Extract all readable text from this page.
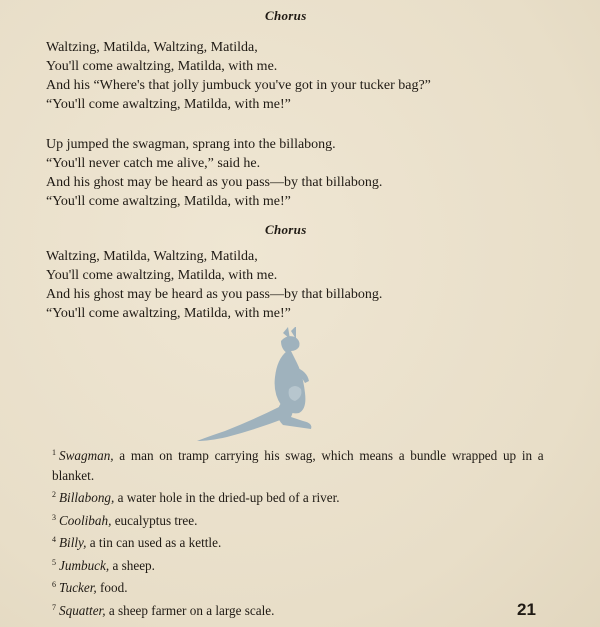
Chorus
Waltzing, Matilda, Waltzing, Matilda,
You'll come awaltzing, Matilda, with me.
And his “Where's that jolly jumbuck you've got in your tucker bag?”
“You'll come awaltzing, Matilda, with me!”
Up jumped the swagman, sprang into the billabong.
“You'll never catch me alive,” said he.
And his ghost may be heard as you pass—by that billabong.
“You'll come awaltzing, Matilda, with me!”
Chorus
Waltzing, Matilda, Waltzing, Matilda,
You'll come awaltzing, Matilda, with me.
And his ghost may be heard as you pass—by that billabong.
“You'll come awaltzing, Matilda, with me!”
$^1$ Swagman, a man on tramp carrying his swag, which means a bundle wrapped up in a blanket.
$^2$ Billabong, a water hole in the dried-up bed of a river.
$^3$ Coolibah, eucalyptus tree.
$^4$ Billy, a tin can used as a kettle.
$^5$ Jumbuck, a sheep.
$^6$ Tucker, food.
$^7$ Squatter, a sheep farmer on a large scale.	21
